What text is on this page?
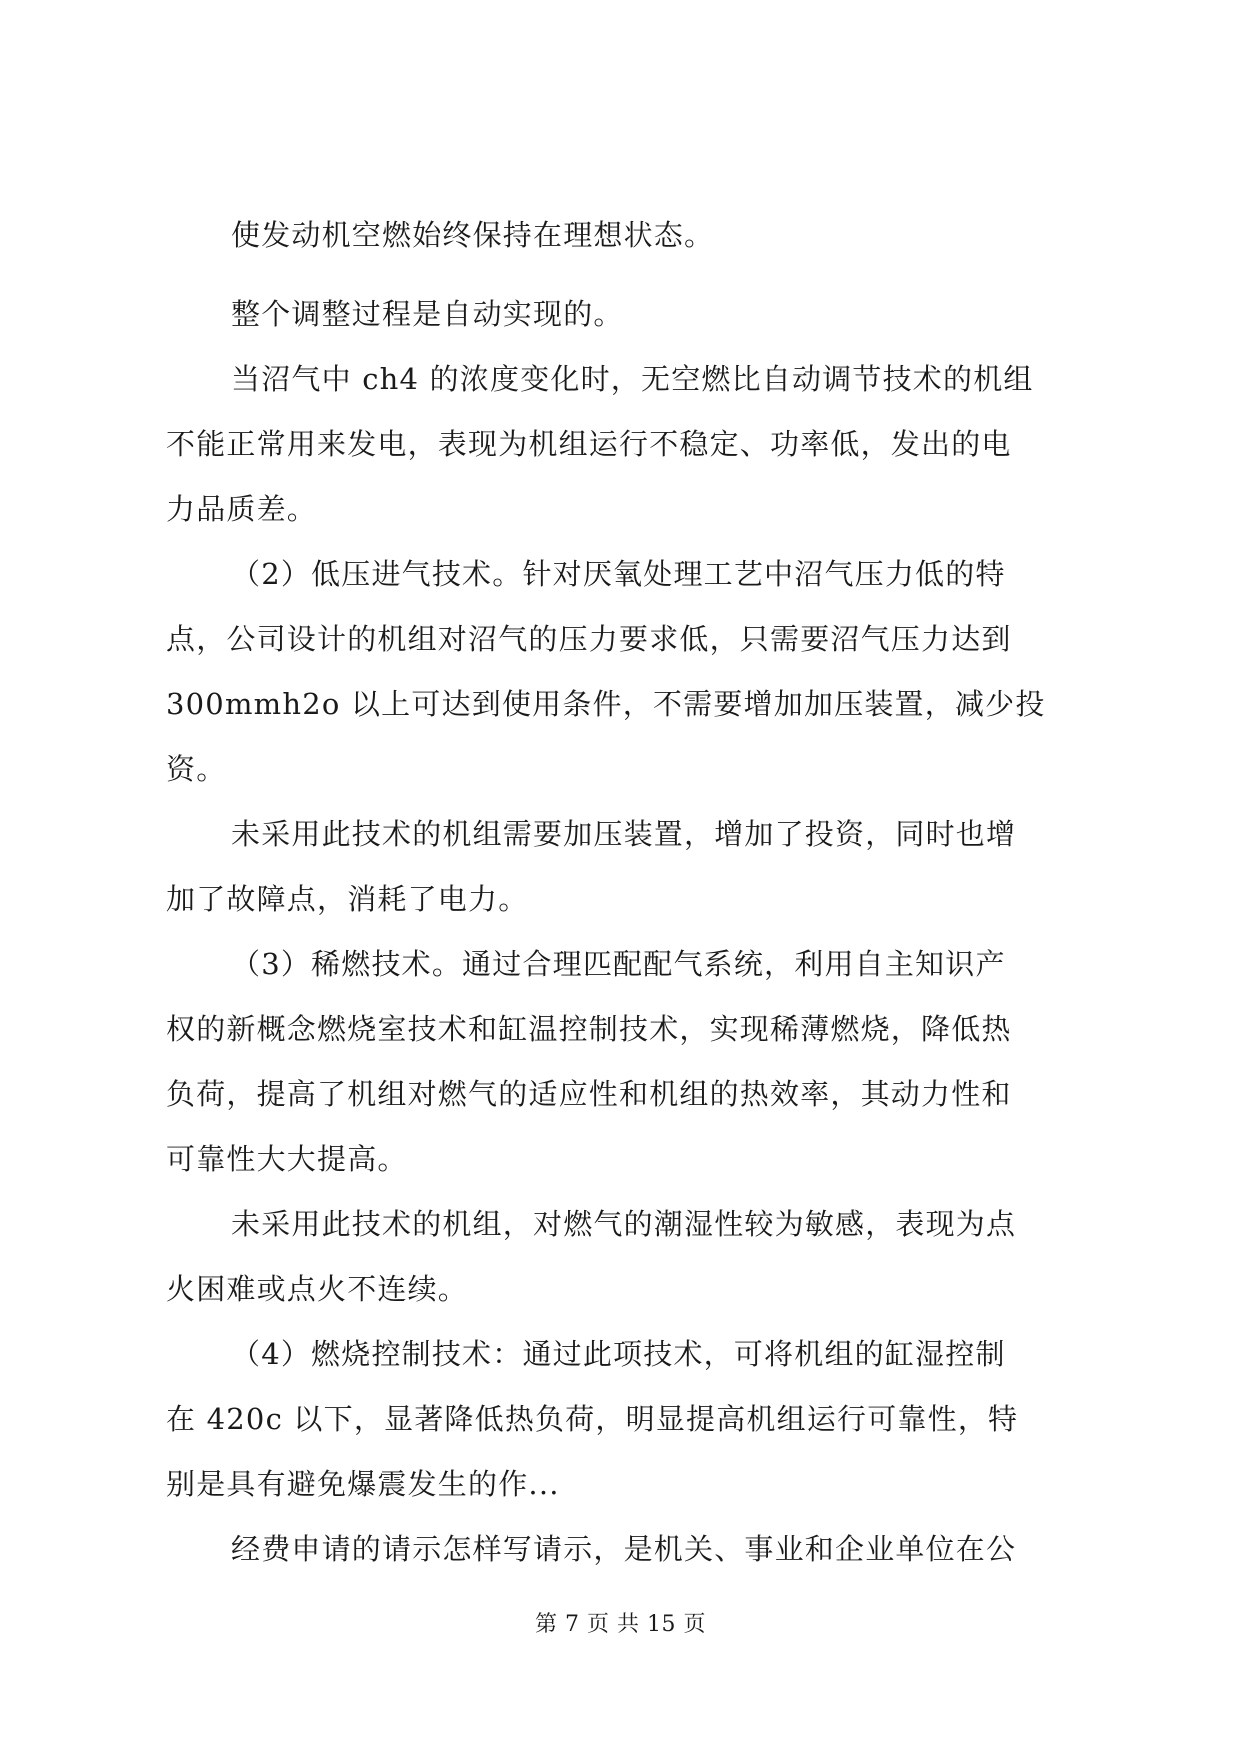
使发动机空燃始终保持在理想状态。
整个调整过程是自动实现的。
当沼气中 ch4 的浓度变化时，无空燃比自动调节技术的机组
不能正常用来发电，表现为机组运行不稳定、功率低，发出的电
力品质差。
（2）低压进气技术。针对厌氧处理工艺中沼气压力低的特
点，公司设计的机组对沼气的压力要求低，只需要沼气压力达到
300mmh2o 以上可达到使用条件，不需要增加加压装置，减少投
资。
未采用此技术的机组需要加压装置，增加了投资，同时也增
加了故障点，消耗了电力。
（3）稀燃技术。通过合理匹配配气系统，利用自主知识产
权的新概念燃烧室技术和缸温控制技术，实现稀薄燃烧，降低热
负荷，提高了机组对燃气的适应性和机组的热效率，其动力性和
可靠性大大提高。
未采用此技术的机组，对燃气的潮湿性较为敏感，表现为点
火困难或点火不连续。
（4）燃烧控制技术：通过此项技术，可将机组的缸湿控制
在 420c 以下，显著降低热负荷，明显提高机组运行可靠性，特
别是具有避免爆震发生的作...
经费申请的请示怎样写请示，是机关、事业和企业单位在公
第 7 页 共 15 页
